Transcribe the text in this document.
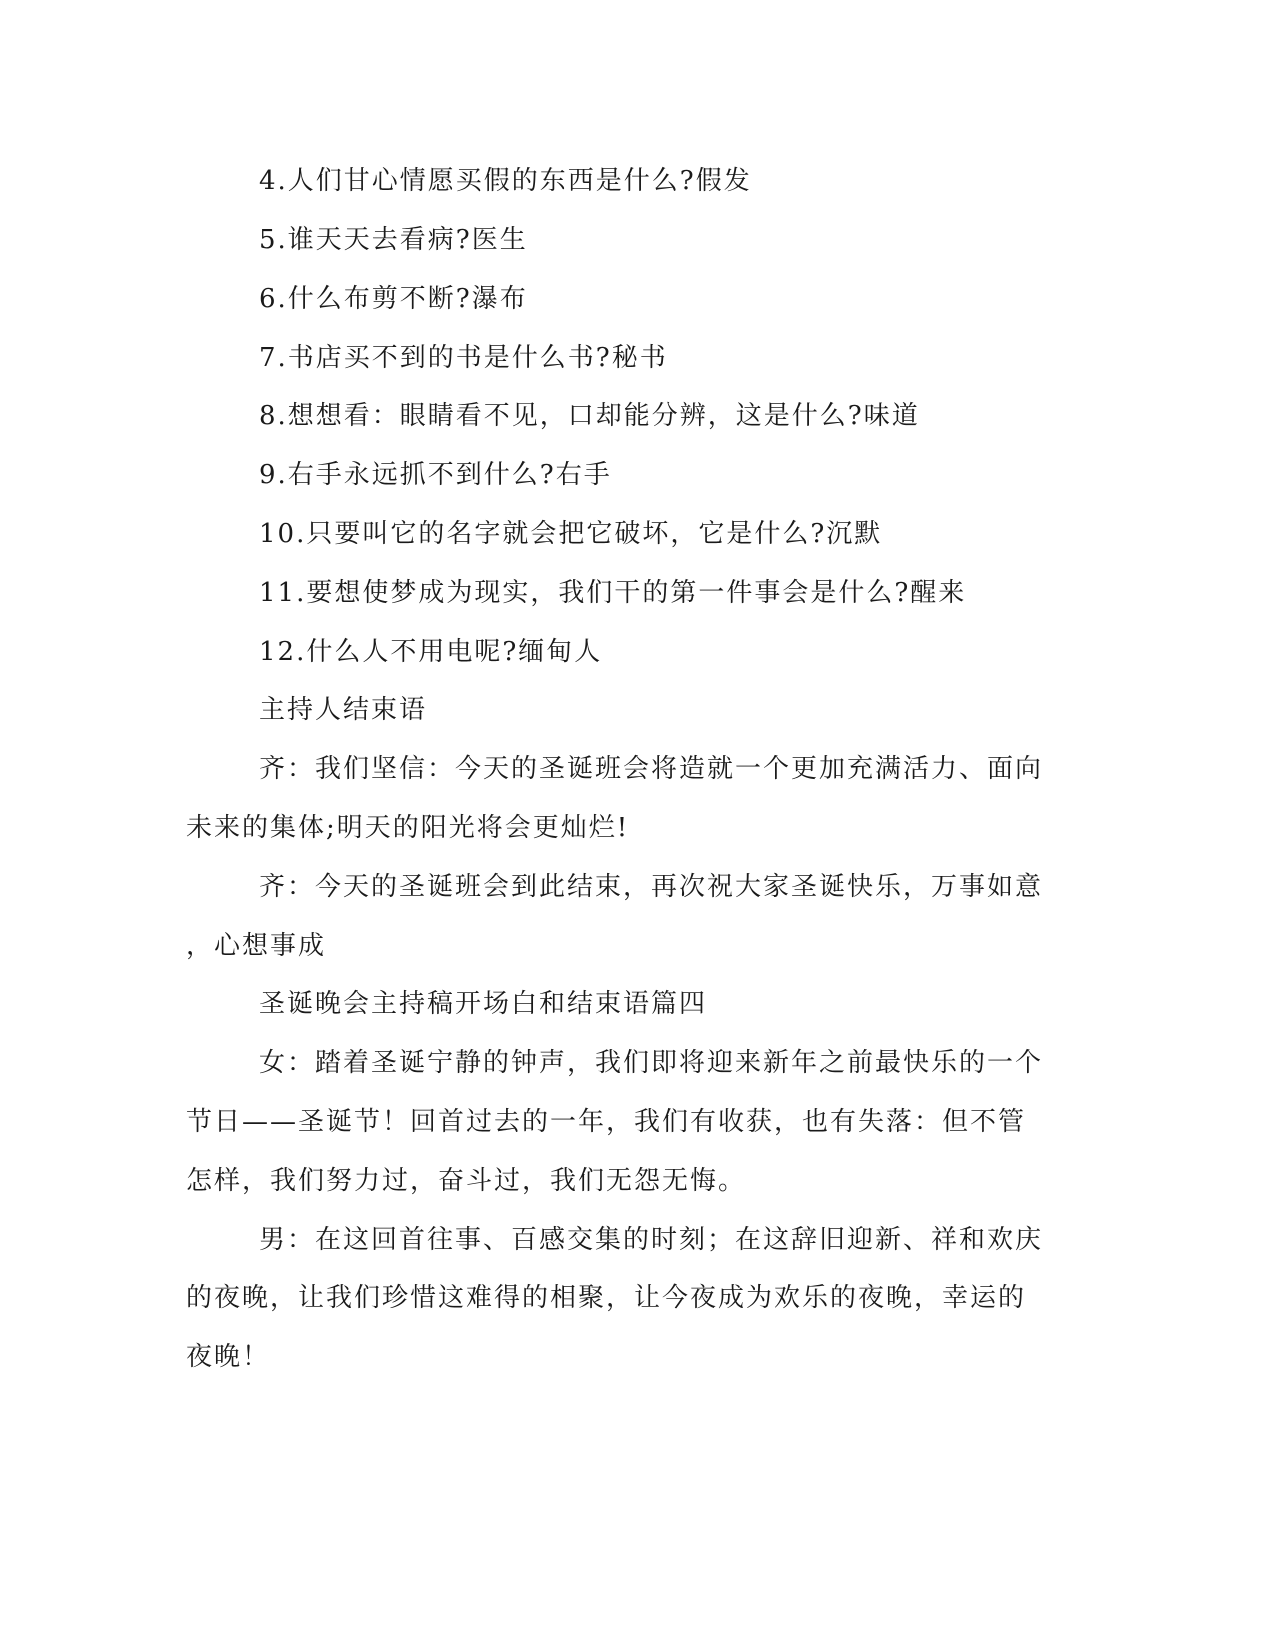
4.人们甘心情愿买假的东西是什么?假发
5.谁天天去看病?医生
6.什么布剪不断?瀑布
7.书店买不到的书是什么书?秘书
8.想想看：眼睛看不见，口却能分辨，这是什么?味道
9.右手永远抓不到什么?右手
10.只要叫它的名字就会把它破坏，它是什么?沉默
11.要想使梦成为现实，我们干的第一件事会是什么?醒来
12.什么人不用电呢?缅甸人
主持人结束语
齐：我们坚信：今天的圣诞班会将造就一个更加充满活力、面向
未来的集体;明天的阳光将会更灿烂!
齐：今天的圣诞班会到此结束，再次祝大家圣诞快乐，万事如意
，心想事成
圣诞晚会主持稿开场白和结束语篇四
女：踏着圣诞宁静的钟声，我们即将迎来新年之前最快乐的一个
节日——圣诞节！回首过去的一年，我们有收获，也有失落：但不管
怎样，我们努力过，奋斗过，我们无怨无悔。
男：在这回首往事、百感交集的时刻；在这辞旧迎新、祥和欢庆
的夜晚，让我们珍惜这难得的相聚，让今夜成为欢乐的夜晚，幸运的
夜晚！
